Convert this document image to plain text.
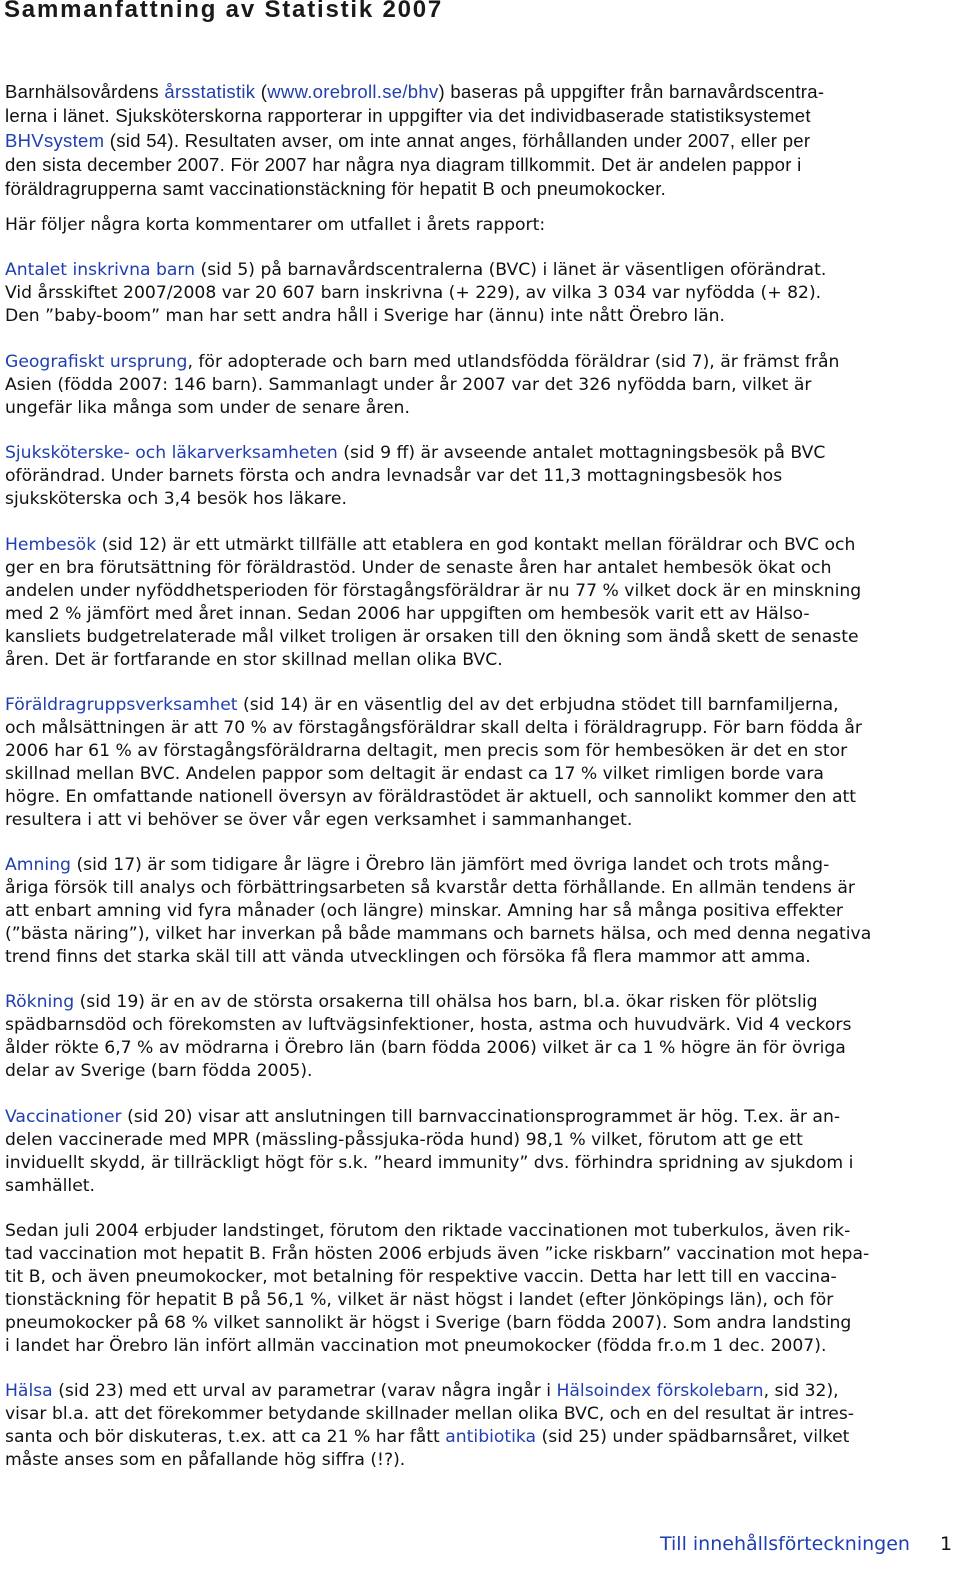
Sammanfattning av Statistik 2007
Barnhälsovårdens årsstatistik (www.orebroll.se/bhv) baseras på uppgifter från barnavårdscentra-
lerna i länet. Sjuksköterskorna rapporterar in uppgifter via det individbaserade statistiksystemet
BHVsystem (sid 54). Resultaten avser, om inte annat anges, förhållanden under 2007, eller per
den sista december 2007. För 2007 har några nya diagram tillkommit. Det är andelen pappor i
föräldragrupperna samt vaccinationstäckning för hepatit B och pneumokocker.

Här följer några korta kommentarer om utfallet i årets rapport:

Antalet inskrivna barn (sid 5) på barnavårdscentralerna (BVC) i länet är väsentligen oförändrat.
Vid årsskiftet 2007/2008 var 20 607 barn inskrivna (+ 229), av vilka 3 034 var nyfödda (+ 82).
Den ”baby-boom” man har sett andra håll i Sverige har (ännu) inte nått Örebro län.
Geografiskt ursprung, för adopterade och barn med utlandsfödda föräldrar (sid 7), är främst från
Asien (födda 2007: 146 barn). Sammanlagt under år 2007 var det 326 nyfödda barn, vilket är
ungefär lika många som under de senare åren.
Sjuksköterske- och läkarverksamheten (sid 9 ff) är avseende antalet mottagningsbesök på BVC
oförändrad. Under barnets första och andra levnadsår var det 11,3 mottagningsbesök hos
sjuksköterska och 3,4 besök hos läkare.
Hembesök (sid 12) är ett utmärkt tillfälle att etablera en god kontakt mellan föräldrar och BVC och
ger en bra förutsättning för föräldrastöd. Under de senaste åren har antalet hembesök ökat och
andelen under nyföddhetsperioden för förstagångsföräldrar är nu 77 % vilket dock är en minskning
med 2 % jämfört med året innan. Sedan 2006 har uppgiften om hembesök varit ett av Hälso-
kansliets budgetrelaterade mål vilket troligen är orsaken till den ökning som ändå skett de senaste
åren. Det är fortfarande en stor skillnad mellan olika BVC.
Föräldragruppsverksamhet (sid 14) är en väsentlig del av det erbjudna stödet till barnfamiljerna,
och målsättningen är att 70 % av förstagångsföräldrar skall delta i föräldragrupp. För barn födda år
2006 har 61 % av förstagångsföräldrarna deltagit, men precis som för hembesöken är det en stor
skillnad mellan BVC. Andelen pappor som deltagit är endast ca 17 % vilket rimligen borde vara
högre. En omfattande nationell översyn av föräldrastödet är aktuell, och sannolikt kommer den att
resultera i att vi behöver se över vår egen verksamhet i sammanhanget.
Amning (sid 17) är som tidigare år lägre i Örebro län jämfört med övriga landet och trots mång-
åriga försök till analys och förbättringsarbeten så kvarstår detta förhållande. En allmän tendens är
att enbart amning vid fyra månader (och längre) minskar. Amning har så många positiva effekter
(”bästa näring”), vilket har inverkan på både mammans och barnets hälsa, och med denna negativa
trend finns det starka skäl till att vända utvecklingen och försöka få flera mammor att amma.
Rökning (sid 19) är en av de största orsakerna till ohälsa hos barn, bl.a. ökar risken för plötslig
spädbarnsdöd och förekomsten av luftvägsinfektioner, hosta, astma och huvudvärk. Vid 4 veckors
ålder rökte 6,7 % av mödrarna i Örebro län (barn födda 2006) vilket är ca 1 % högre än för övriga
delar av Sverige (barn födda 2005).
Vaccinationer (sid 20) visar att anslutningen till barnvaccinationsprogrammet är hög. T.ex. är an-
delen vaccinerade med MPR (mässling-påssjuka-röda hund) 98,1 % vilket, förutom att ge ett
inviduellt skydd, är tillräckligt högt för s.k. ”heard immunity” dvs. förhindra spridning av sjukdom i
samhället.
Sedan juli 2004 erbjuder landstinget, förutom den riktade vaccinationen mot tuberkulos, även rik-
tad vaccination mot hepatit B. Från hösten 2006 erbjuds även ”icke riskbarn” vaccination mot hepa-
tit B, och även pneumokocker, mot betalning för respektive vaccin. Detta har lett till en vaccina-
tionstäckning för hepatit B på 56,1 %, vilket är näst högst i landet (efter Jönköpings län), och för
pneumokocker på 68 % vilket sannolikt är högst i Sverige (barn födda 2007). Som andra landsting
i landet har Örebro län infört allmän vaccination mot pneumokocker (födda fr.o.m 1 dec. 2007).
Hälsa (sid 23) med ett urval av parametrar (varav några ingår i Hälsoindex förskolebarn, sid 32),
visar bl.a. att det förekommer betydande skillnader mellan olika BVC, och en del resultat är intres-
santa och bör diskuteras, t.ex. att ca 21 % har fått antibiotika (sid 25) under spädbarnsåret, vilket
måste anses som en påfallande hög siffra (!?).
Till innehållsförteckningen 1
